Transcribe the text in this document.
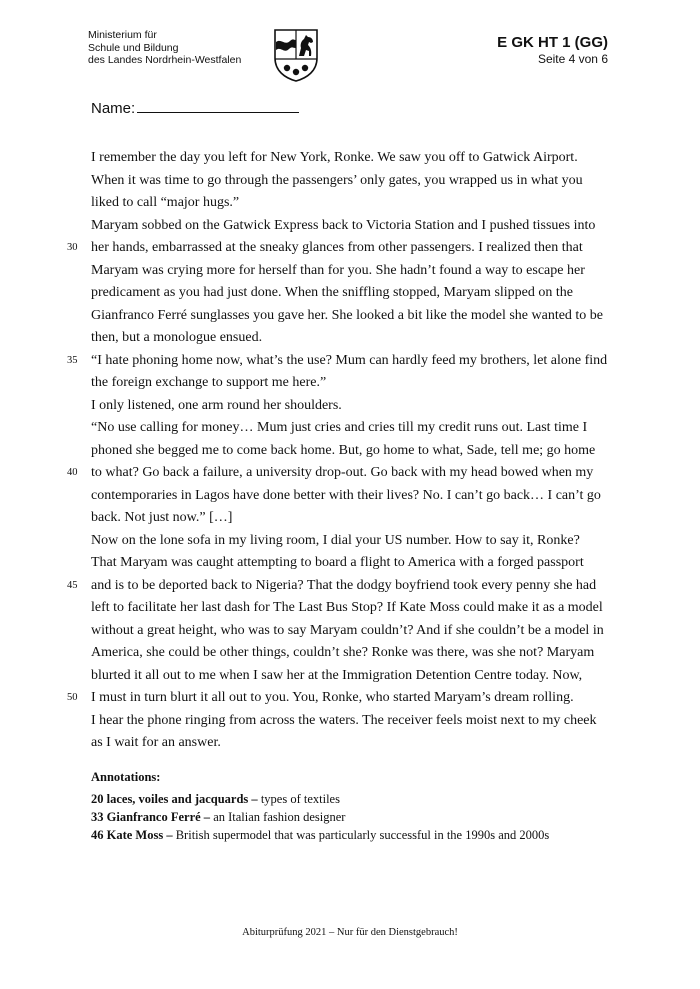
Ministerium für
Schule und Bildung
des Landes Nordrhein-Westfalen
E GK HT 1 (GG)
Seite 4 von 6
Name:
I remember the day you left for New York, Ronke. We saw you off to Gatwick Airport.
When it was time to go through the passengers’ only gates, you wrapped us in what you
liked to call “major hugs.”
Maryam sobbed on the Gatwick Express back to Victoria Station and I pushed tissues into
30 her hands, embarrassed at the sneaky glances from other passengers. I realized then that
Maryam was crying more for herself than for you. She hadn’t found a way to escape her
predicament as you had just done. When the sniffling stopped, Maryam slipped on the
Gianfranco Ferré sunglasses you gave her. She looked a bit like the model she wanted to be
then, but a monologue ensued.
35 “I hate phoning home now, what’s the use? Mum can hardly feed my brothers, let alone find
the foreign exchange to support me here.”
I only listened, one arm round her shoulders.
“No use calling for money… Mum just cries and cries till my credit runs out. Last time I
phoned she begged me to come back home. But, go home to what, Sade, tell me; go home
40 to what? Go back a failure, a university drop-out. Go back with my head bowed when my
contemporaries in Lagos have done better with their lives? No. I can’t go back… I can’t go
back. Not just now.” […]
Now on the lone sofa in my living room, I dial your US number. How to say it, Ronke?
That Maryam was caught attempting to board a flight to America with a forged passport
45 and is to be deported back to Nigeria? That the dodgy boyfriend took every penny she had
left to facilitate her last dash for The Last Bus Stop? If Kate Moss could make it as a model
without a great height, who was to say Maryam couldn’t? And if she couldn’t be a model in
America, she could be other things, couldn’t she? Ronke was there, was she not? Maryam
blurted it all out to me when I saw her at the Immigration Detention Centre today. Now,
50 I must in turn blurt it all out to you. You, Ronke, who started Maryam’s dream rolling.
I hear the phone ringing from across the waters. The receiver feels moist next to my cheek
as I wait for an answer.
Annotations:
20 laces, voiles and jacquards – types of textiles
33 Gianfranco Ferré – an Italian fashion designer
46 Kate Moss – British supermodel that was particularly successful in the 1990s and 2000s
Abiturprüfung 2021 – Nur für den Dienstgebrauch!
